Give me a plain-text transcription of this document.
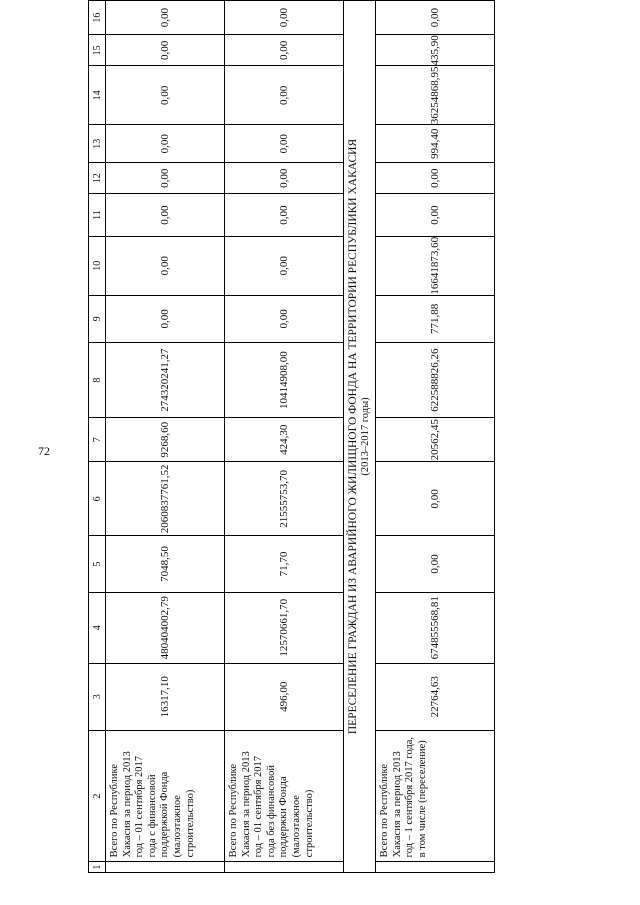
72
1	2	3	4	5	6	7	8	9	10	11	12	13	14	15	16
	Всего по Республике Хакасия за период 2013 год – 01 сентября 2017 года с финансовой поддержкой Фонда (малоэтажное строительство)	16317,10	480404002,79	7048,50	2060837761,52	9268,60	274320241,27	0,00	0,00	0,00	0,00	0,00	0,00	0,00	0,00
	Всего по Республике Хакасия за период 2013 год – 01 сентября 2017 года без финансовой поддержки Фонда (малоэтажное строительство)	496,00	12570661,70	71,70	21555753,70	424,30	10414908,00	0,00	0,00	0,00	0,00	0,00	0,00	0,00	0,00

ПЕРЕСЕЛЕНИЕ ГРАЖДАН ИЗ АВАРИЙНОГО ЖИЛИЩНОГО ФОНДА НА ТЕРРИТОРИИ РЕСПУБЛИКИ ХАКАСИЯ (2013–2017 годы)															

	Всего по Республике Хакасия за период 2013 год – 1 сентября 2017 года, в том числе (переселение)	22764,63	674855568,81	0,00	0,00	20562,45	622588826,26	771,88	16641873,60	0,00	0,00	994,40	36254868,95	435,90	0,00
